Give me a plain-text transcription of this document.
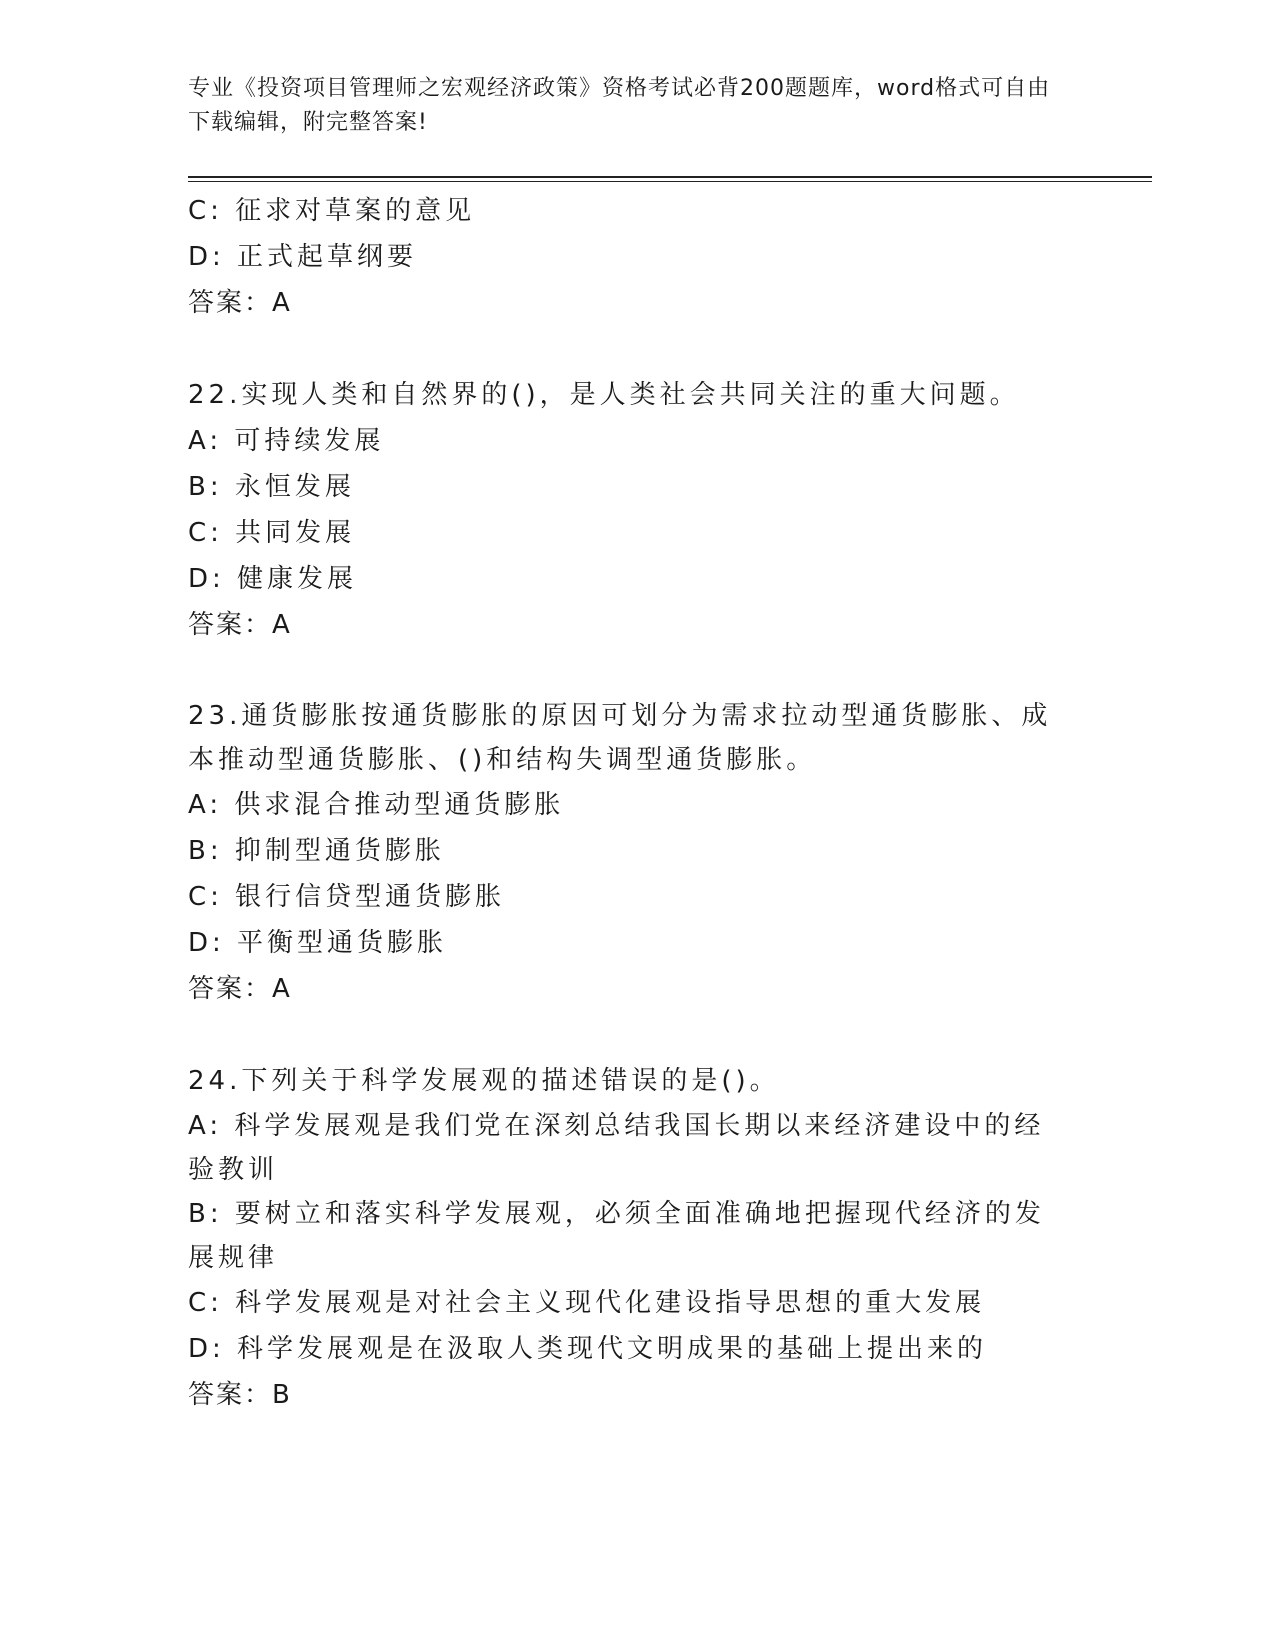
专业《投资项目管理师之宏观经济政策》资格考试必背200题题库，word格式可自由下载编辑，附完整答案!
C: 征求对草案的意见
D: 正式起草纲要
答案：A
22.实现人类和自然界的()，是人类社会共同关注的重大问题。
A: 可持续发展
B: 永恒发展
C: 共同发展
D: 健康发展
答案：A
23.通货膨胀按通货膨胀的原因可划分为需求拉动型通货膨胀、成本推动型通货膨胀、()和结构失调型通货膨胀。
A: 供求混合推动型通货膨胀
B: 抑制型通货膨胀
C: 银行信贷型通货膨胀
D: 平衡型通货膨胀
答案：A
24.下列关于科学发展观的描述错误的是()。
A: 科学发展观是我们党在深刻总结我国长期以来经济建设中的经验教训
B: 要树立和落实科学发展观，必须全面准确地把握现代经济的发展规律
C: 科学发展观是对社会主义现代化建设指导思想的重大发展
D: 科学发展观是在汲取人类现代文明成果的基础上提出来的
答案：B
